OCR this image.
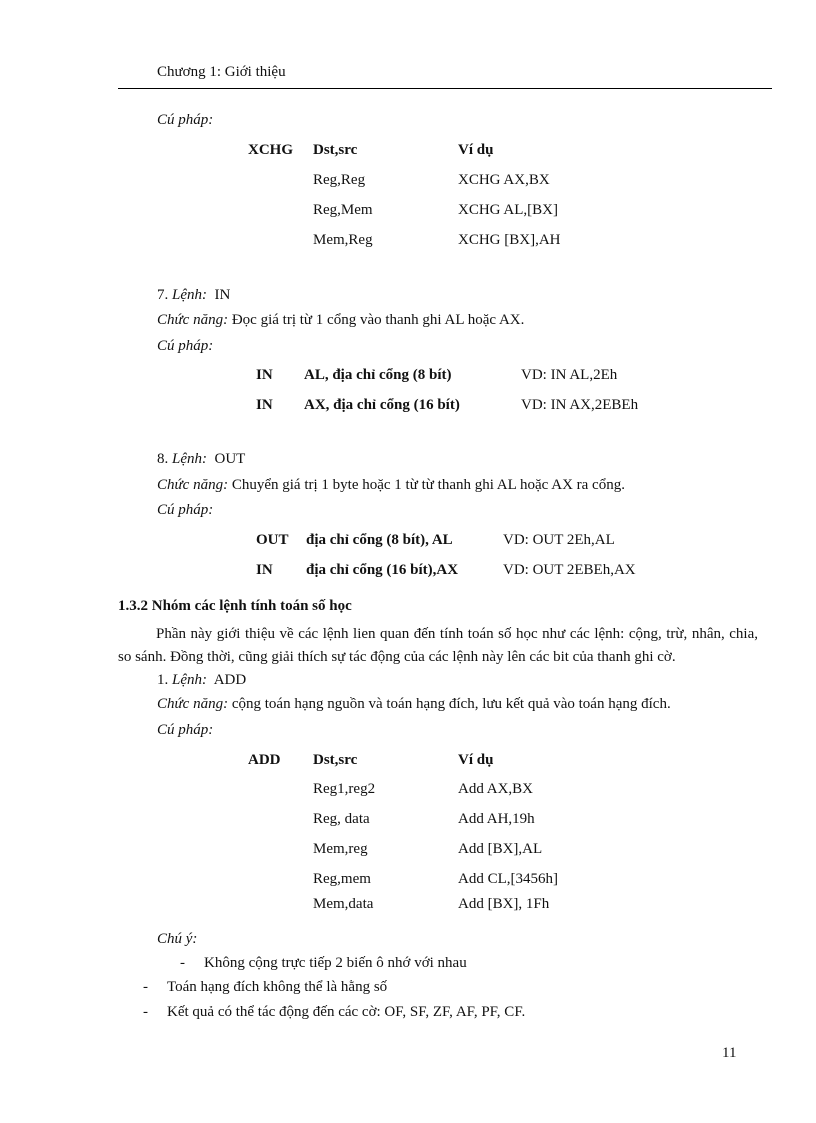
Chương 1: Giới thiệu
Cú pháp:
XCHG Dst,src	Ví dụ
Reg,Reg	XCHG AX,BX
Reg,Mem	XCHG AL,[BX]
Mem,Reg	XCHG [BX],AH
7. Lệnh: IN
Chức năng: Đọc giá trị từ 1 cổng vào thanh ghi AL hoặc AX.
Cú pháp:
IN AL, địa chỉ cổng (8 bít)	VD: IN AL,2Eh
IN AX, địa chỉ cổng (16 bít)	VD: IN AX,2EBEh
8. Lệnh: OUT
Chức năng: Chuyển giá trị 1 byte hoặc 1 từ từ thanh ghi AL hoặc AX ra cổng.
Cú pháp:
OUT địa chỉ cổng (8 bít), AL	VD: OUT 2Eh,AL
IN địa chỉ cổng (16 bít),AX	VD: OUT 2EBEh,AX
1.3.2 Nhóm các lệnh tính toán số học
Phần này giới thiệu về các lệnh lien quan đến tính toán số học như các lệnh: cộng, trừ, nhân, chia, so sánh. Đồng thời, cũng giải thích sự tác động của các lệnh này lên các bit của thanh ghi cờ.
1. Lệnh: ADD
Chức năng: cộng toán hạng nguồn và toán hạng đích, lưu kết quả vào toán hạng đích.
Cú pháp:
ADD Dst,src	Ví dụ
Reg1,reg2	Add AX,BX
Reg, data	Add AH,19h
Mem,reg	Add [BX],AL
Reg,mem	Add CL,[3456h]
Mem,data	Add [BX], 1Fh
Chú ý:
- Không cộng trực tiếp 2 biến ô nhớ với nhau
- Toán hạng đích không thể là hằng số
- Kết quả có thể tác động đến các cờ: OF, SF, ZF, AF, PF, CF.
11
